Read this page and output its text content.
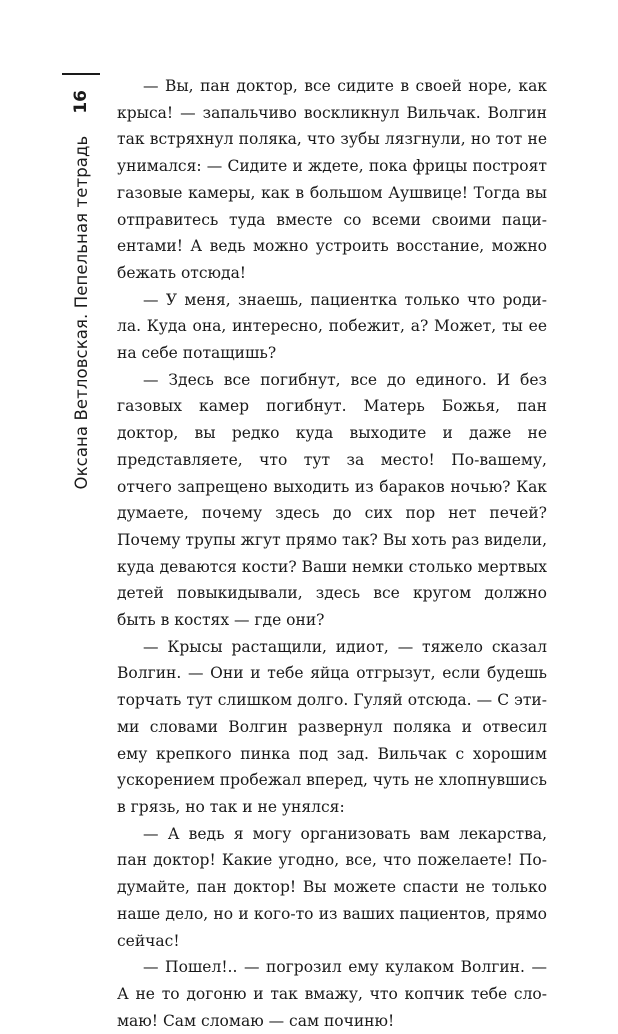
Оксана Ветловская. Пепельная тетрадь
16

— Вы, пан доктор, все сидите в своей норе, как крыса! — запальчиво воскликнул Вильчак. Волгин так встряхнул поляка, что зубы лязгнули, но тот не унимался: — Сидите и ждете, пока фрицы построят газовые камеры, как в большом Аушвице! Тогда вы отправитесь туда вместе со всеми своими пациентами! А ведь можно устроить восстание, можно бежать отсюда!

— У меня, знаешь, пациентка только что родила. Куда она, интересно, побежит, а? Может, ты ее на себе потащишь?

— Здесь все погибнут, все до единого. И без газовых камер погибнут. Матерь Божья, пан доктор, вы редко куда выходите и даже не представляете, что тут за место! По-вашему, отчего запрещено выходить из бараков ночью? Как думаете, почему здесь до сих пор нет печей? Почему трупы жгут прямо так? Вы хоть раз видели, куда деваются кости? Ваши немки столько мертвых детей повыкидывали, здесь все кругом должно быть в костях — где они?

— Крысы растащили, идиот, — тяжело сказал Волгин. — Они и тебе яйца отгрызут, если будешь торчать тут слишком долго. Гуляй отсюда. — С этими словами Волгин развернул поляка и отвесил ему крепкого пинка под зад. Вильчак с хорошим ускорением пробежал вперед, чуть не хлопнувшись в грязь, но так и не унялся:

— А ведь я могу организовать вам лекарства, пан доктор! Какие угодно, все, что пожелаете! Подумайте, пан доктор! Вы можете спасти не только наше дело, но и кого-то из ваших пациентов, прямо сейчас!

— Пошел!.. — погрозил ему кулаком Волгин. — А не то догоню и так вмажу, что копчик тебе сломаю! Сам сломаю — сам починю!
